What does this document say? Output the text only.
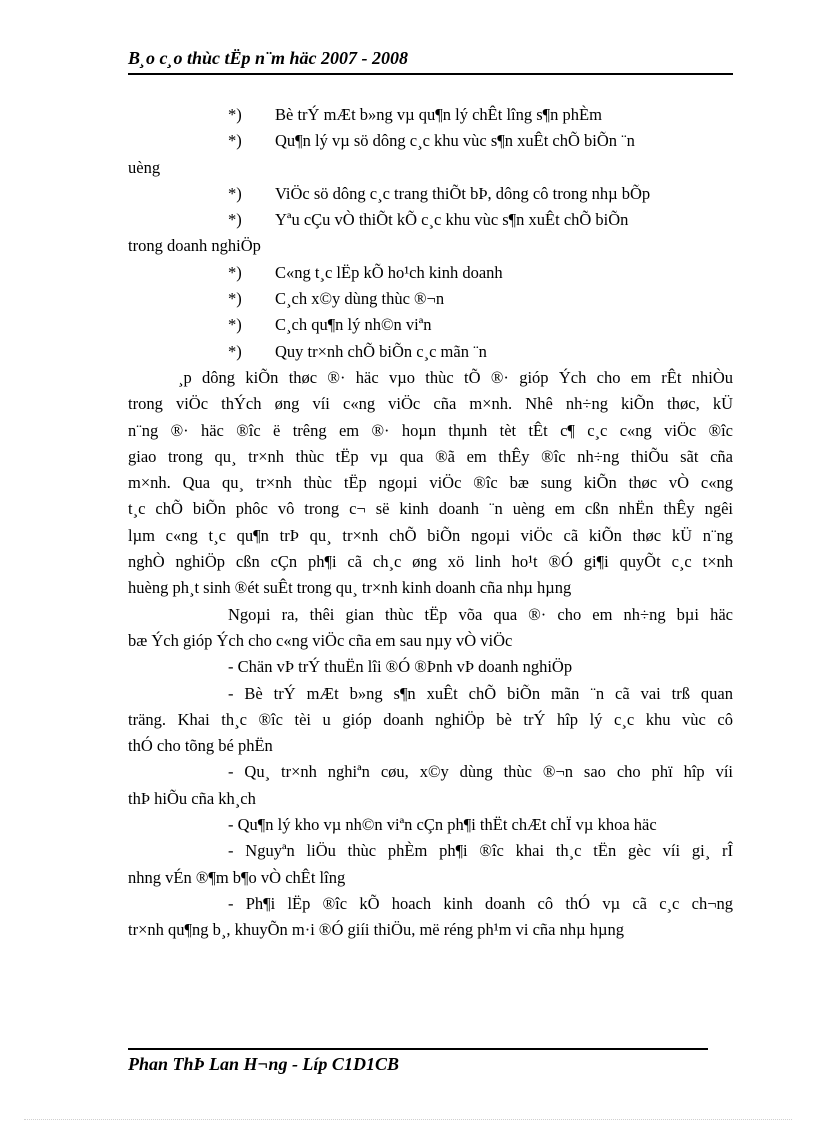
B¸o c¸o thùc tËp n¨m häc 2007 - 2008
*) Bè trÝ mÆt b»ng vµ qu¶n lý chÊt lîng s¶n phÈm
*) Qu¶n lý vµ sö dông c¸c khu vùc s¶n xuÊt chÕ biÕn ¨n
uèng
*) ViÖc sö dông c¸c trang thiÕt bÞ, dông cô trong nhµ bÕp
*) Yªu cÇu vÒ thiÕt kÕ c¸c khu vùc s¶n xuÊt chÕ biÕn
trong doanh nghiÖp
*) C«ng t¸c lËp kÕ ho¹ch kinh doanh
*) C¸ch x©y dùng thùc ®¬n
*) C¸ch qu¶n lý nh©n viªn
*) Quy tr×nh chÕ biÕn c¸c mãn ¨n
¸p dông kiÕn thøc ®· häc vµo thùc tÕ ®· gióp Ých cho em rÊt nhiÒu
trong viÖc thÝch øng víi c«ng viÖc cña m×nh. Nhê nh÷ng kiÕn thøc, kÜ
n¨ng ®· häc ®îc ë trêng em ®· hoµn thµnh tèt tÊt c¶ c¸c c«ng viÖc ®îc
giao trong qu¸ tr×nh thùc tËp vµ qua ®ã em thÊy ®îc nh÷ng thiÕu sãt cña
m×nh. Qua qu¸ tr×nh thùc tËp ngoµi viÖc ®îc bæ sung kiÕn thøc vÒ c«ng
t¸c chÕ biÕn phôc vô trong c¬ së kinh doanh ¨n uèng em cßn nhËn thÊy ngêi
lµm c«ng t¸c qu¶n trÞ qu¸ tr×nh chÕ biÕn ngoµi viÖc cã kiÕn thøc kÜ n¨ng
nghÒ nghiÖp cßn cÇn ph¶i cã ch¸c øng xö linh ho¹t ®Ó gi¶i quyÕt c¸c t×nh
huèng ph¸t sinh ®ét suÊt trong qu¸ tr×nh kinh doanh cña nhµ hµng
Ngoµi ra, thêi gian thùc tËp võa qua ®· cho em nh÷ng bµi häc
bæ Ých gióp Ých cho c«ng viÖc cña em sau nµy vÒ viÖc
- Chän vÞ trÝ thuËn lîi ®Ó ®Þnh vÞ doanh nghiÖp
- Bè trÝ mÆt b»ng s¶n xuÊt chÕ biÕn mãn ¨n cã vai trß quan
träng. Khai th¸c ®îc tèi u gióp doanh nghiÖp bè trÝ hîp lý c¸c khu vùc cô
thÓ cho tõng bé phËn
- Qu¸ tr×nh nghiªn cøu, x©y dùng thùc ®¬n sao cho phï hîp víi
thÞ hiÕu cña kh¸ch
- Qu¶n lý kho vµ nh©n viªn cÇn ph¶i thËt chÆt chÏ vµ khoa häc
- Nguyªn liÖu thùc phÈm ph¶i ®îc khai th¸c tËn gèc víi gi¸ rÎ
nhng vÉn ®¶m b¶o vÒ chÊt lîng
- Ph¶i lËp ®îc kÕ hoach kinh doanh cô thÓ vµ cã c¸c ch¬ng
tr×nh qu¶ng b¸, khuyÕn m·i ®Ó giíi thiÖu, më réng ph¹m vi cña nhµ hµng
Phan ThÞ Lan H¬ng - Líp C1D1CB
